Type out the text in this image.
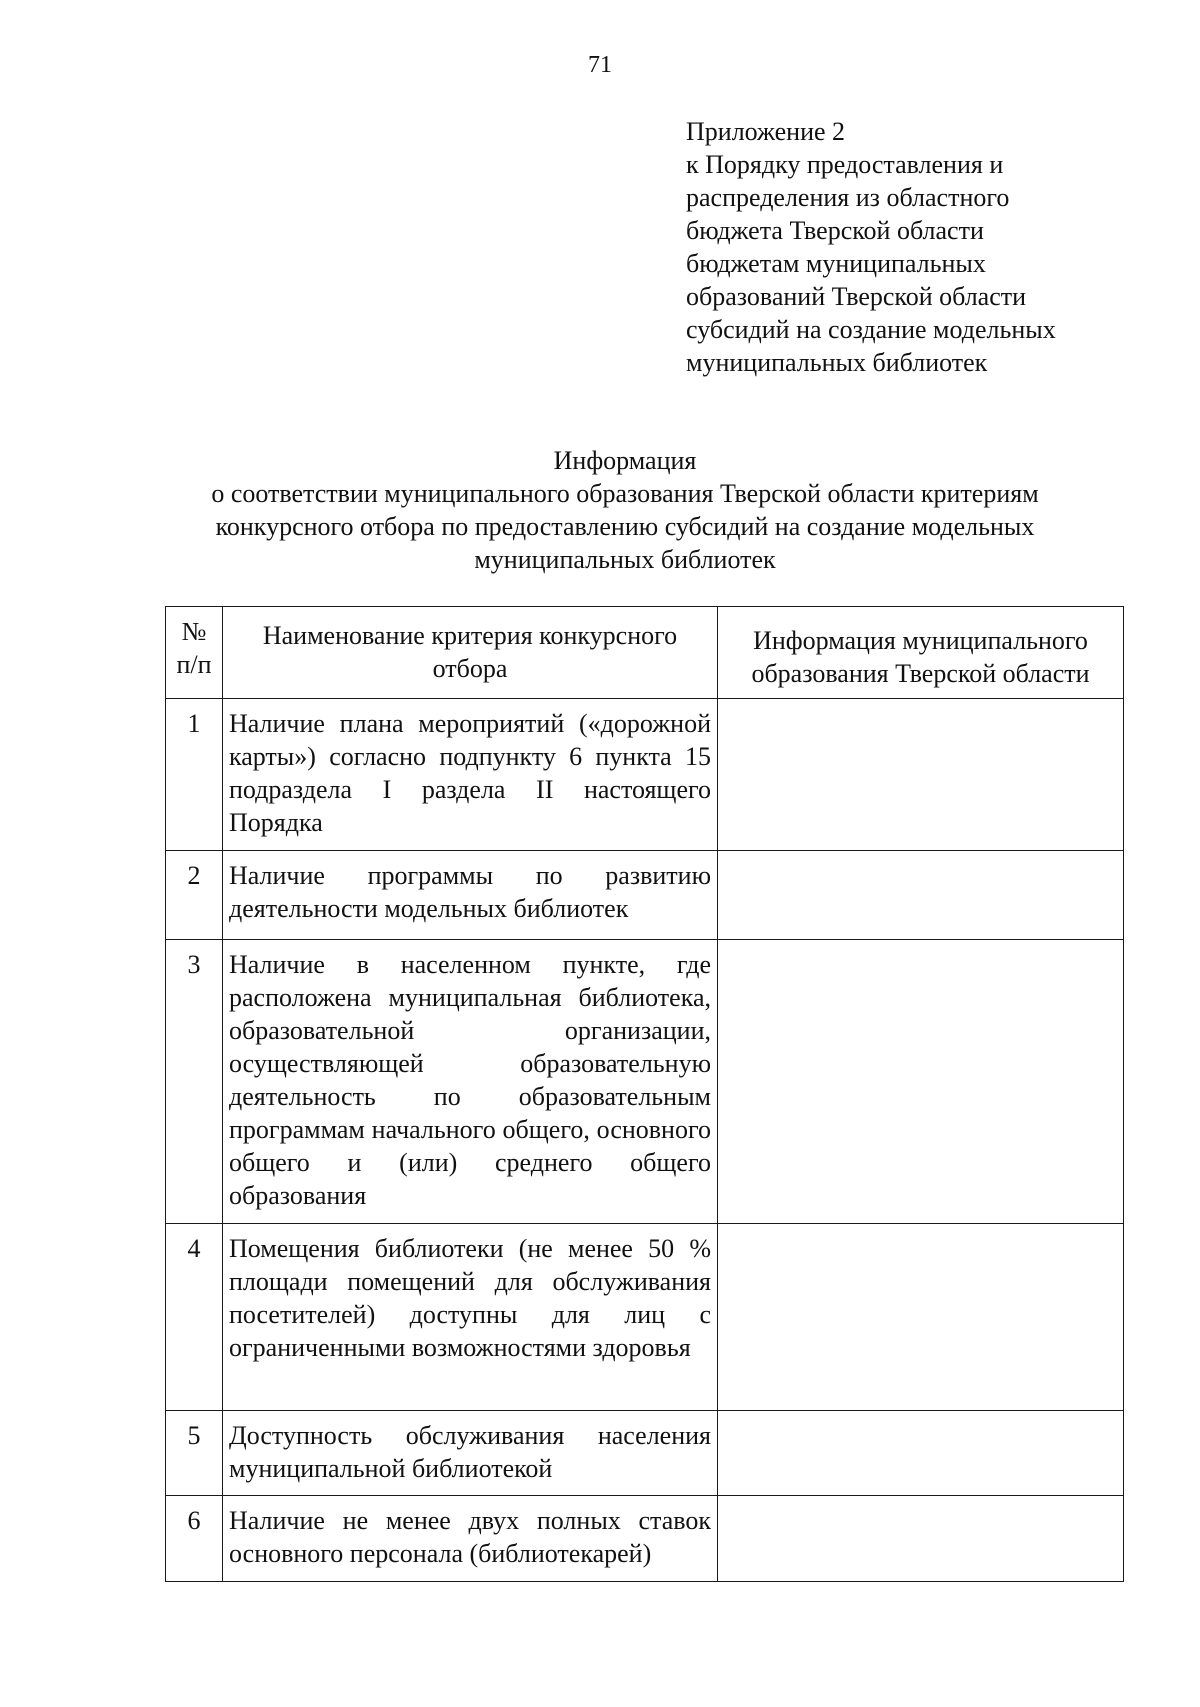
71
Приложение 2
к Порядку предоставления и
распределения из областного
бюджета Тверской области
бюджетам муниципальных
образований Тверской области
субсидий на создание модельных
муниципальных библиотек
Информация
о соответствии муниципального образования Тверской области критериям
конкурсного отбора по предоставлению субсидий на создание модельных
муниципальных библиотек
№ п/п	Наименование критерия конкурсного отбора	Информация муниципального образования Тверской области
1	Наличие плана мероприятий («дорожной карты») согласно подпункту 6 пункта 15 подраздела I раздела II настоящего Порядка	
2	Наличие программы по развитию деятельности модельных библиотек	
3	Наличие в населенном пункте, где расположена муниципальная библиотека, образовательной организации, осуществляющей образовательную деятельность по образовательным программам начального общего, основного общего и (или) среднего общего образования	
4	Помещения библиотеки (не менее 50 % площади помещений для обслуживания посетителей) доступны для лиц с ограниченными возможностями здоровья	
5	Доступность обслуживания населения муниципальной библиотекой	
6	Наличие не менее двух полных ставок основного персонала (библиотекарей)	
